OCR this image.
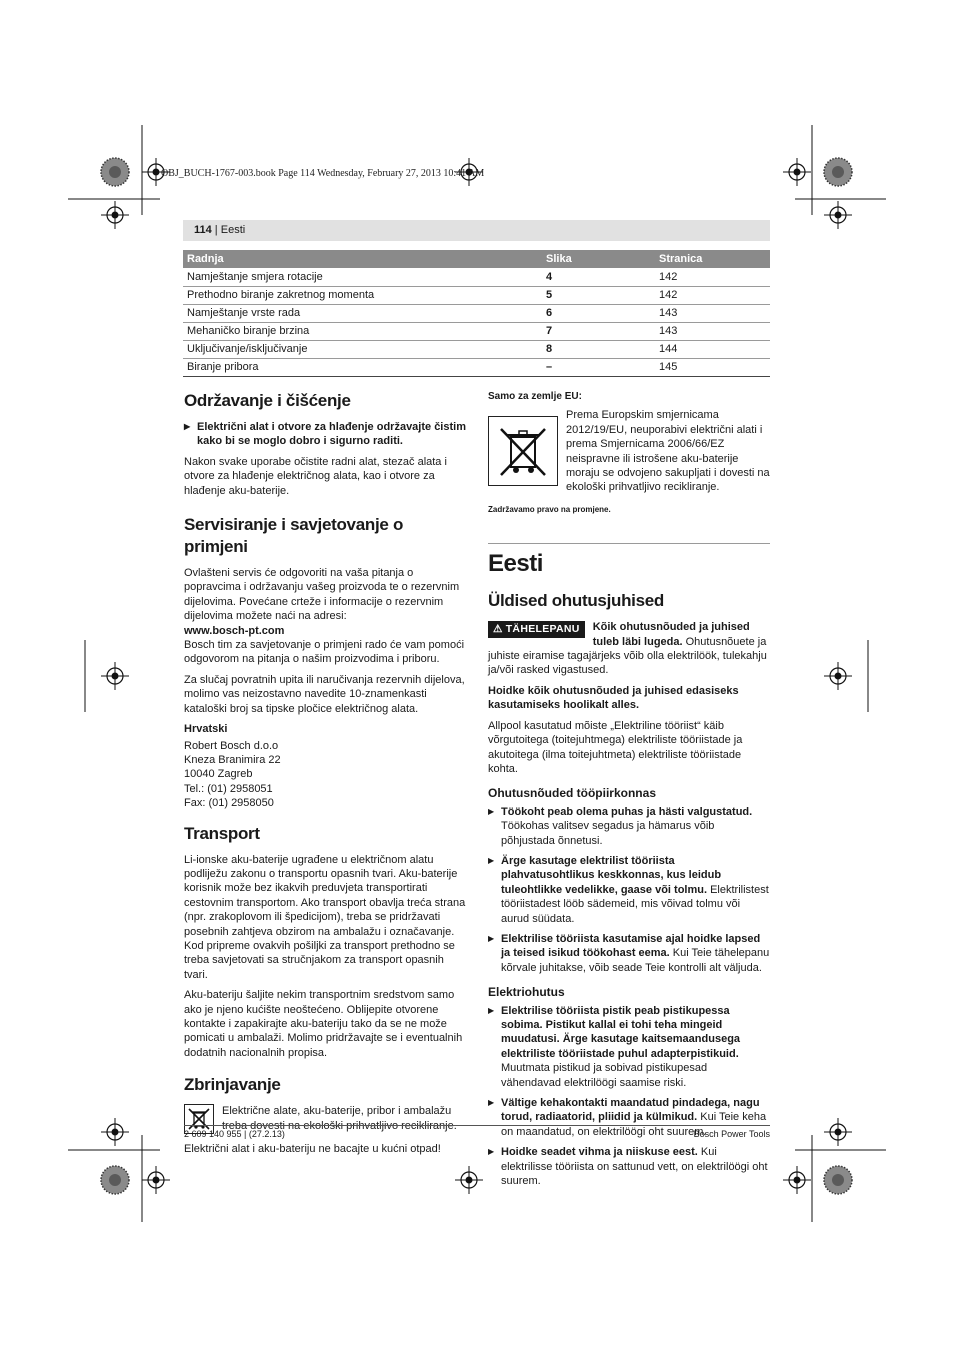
OBJ_BUCH-1767-003.book Page 114 Wednesday, February 27, 2013 10:41 AM
114 | Eesti
Radnja	Slika	Stranica
Namještanje smjera rotacije	4	142
Prethodno biranje zakretnog momenta	5	142
Namještanje vrste rada	6	143
Mehaničko biranje brzina	7	143
Uključivanje/isključivanje	8	144
Biranje pribora	–	145
Održavanje i čišćenje
▶ Električni alat i otvore za hlađenje održavajte čistim kako bi se moglo dobro i sigurno raditi.

Nakon svake uporabe očistite radni alat, stezač alata i otvore za hlađenje električnog alata, kao i otvore za hlađenje aku-baterije.

Servisiranje i savjetovanje o primjeni

Ovlašteni servis će odgovoriti na vaša pitanja o popravcima i održavanju vašeg proizvoda te o rezervnim dijelovima. Povećane crteže i informacije o rezervnim dijelovima možete naći na adresi:

www.bosch-pt.com

Bosch tim za savjetovanje o primjeni rado će vam pomoći odgovorom na pitanja o našim proizvodima i priboru.

Za slučaj povratnih upita ili naručivanja rezervnih dijelova, molimo vas neizostavno navedite 10-znamenkasti kataloški broj sa tipske pločice električnog alata.

Hrvatski

Robert Bosch d.o.o
Kneza Branimira 22
10040 Zagreb
Tel.: (01) 2958051
Fax: (01) 2958050

Transport

Li-ionske aku-baterije ugrađene u električnom alatu podliježu zakonu o transportu opasnih tvari. Aku-baterije korisnik može bez ikakvih preduvjeta transportirati cestovnim transportom. Ako transport obavlja treća strana (npr. zrakoplovom ili špedicijom), treba se pridržavati posebnih zahtjeva obzirom na ambalažu i označavanje. Kod pripreme ovakvih pošiljki za transport prethodno se treba savjetovati sa stručnjakom za transport opasnih tvari.

Aku-bateriju šaljite nekim transportnim sredstvom samo ako je njeno kućište neoštećeno. Oblijepite otvorene kontakte i zapakirajte aku-bateriju tako da se ne može pomicati u ambalaži. Molimo pridržavajte se i eventualnih dodatnih nacionalnih propisa.

Zbrinjavanje

Električne alate, aku-baterije, pribor i ambalažu treba dovesti na ekološki prihvatljivo recikliranje.

Električni alat i aku-bateriju ne bacajte u kućni otpad!

Samo za zemlje EU:

Prema Europskim smjernicama 2012/19/EU, neuporabivi električni alati i prema Smjernicama 2006/66/EZ neispravne ili istrošene aku-baterije moraju se odvojeno sakupljati i dovesti na ekološki prihvatljivo recikliranje.

Zadržavamo pravo na promjene.

Eesti
Üldised ohutusjuhised

⚠ TÄHELEPANU	Kõik ohutusnõuded ja juhised tuleb läbi lugeda. Ohutusnõuete ja juhiste eiramise tagajärjeks võib olla elektrilöök, tulekahju ja/või rasked vigastused.

Hoidke kõik ohutusnõuded ja juhised edasiseks kasutamiseks hoolikalt alles.

Allpool kasutatud mõiste „Elektriline tööriist“ käib võrgutoitega (toitejuhtmega) elektriliste tööriistade ja akutoitega (ilma toitejuhtmeta) elektriliste tööriistade kohta.

Ohutusnõuded tööpiirkonnas
▶ Töökoht peab olema puhas ja hästi valgustatud. Töökohas valitsev segadus ja hämarus võib põhjustada õnnetusi.
▶ Ärge kasutage elektrilist tööriista plahvatusohtlikus keskkonnas, kus leidub tuleohtlikke vedelikke, gaase või tolmu. Elektrilistest tööriistadest lööb sädemeid, mis võivad tolmu või aurud süüdata.
▶ Elektrilise tööriista kasutamise ajal hoidke lapsed ja teised isikud töökohast eema. Kui Teie tähelepanu kõrvale juhitakse, võib seade Teie kontrolli alt väljuda.
Elektriohutus
▶ Elektrilise tööriista pistik peab pistikupessa sobima. Pistikut kallal ei tohi teha mingeid muudatusi. Ärge kasutage kaitsemaandusega elektriliste tööriistade puhul adapterpistikuid. Muutmata pistikud ja sobivad pistikupesad vähendavad elektrilöögi saamise riski.
▶ Vältige kehakontakti maandatud pindadega, nagu torud, radiaatorid, pliidid ja külmikud. Kui Teie keha on maandatud, on elektrilöögi oht suurem.
▶ Hoidke seadet vihma ja niiskuse eest. Kui elektrilisse tööriista on sattunud vett, on elektrilöögi oht suurem.
2 609 140 955 | (27.2.13)	Bosch Power Tools
